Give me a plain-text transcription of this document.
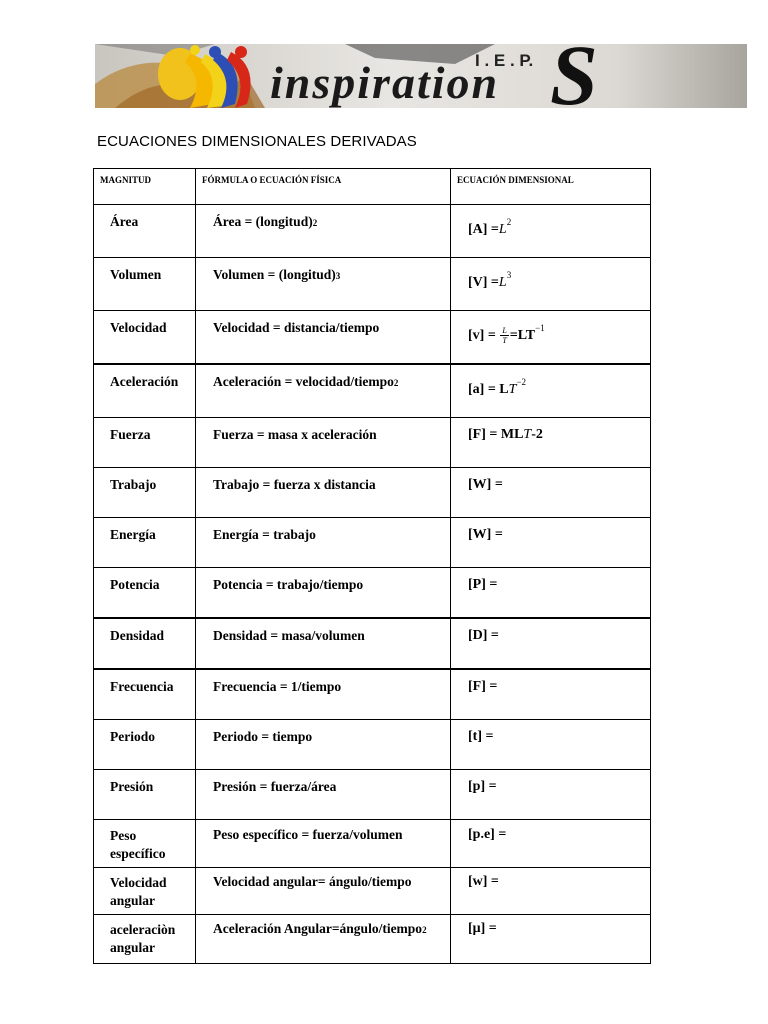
I . E . P.
inspiration S
ECUACIONES DIMENSIONALES DERIVADAS
MAGNITUD	FÓRMULA O ECUACIÓN FÍSICA	ECUACIÓN DIMENSIONAL
Área	Área = (longitud)2	$[A] =L^2$
Volumen	Volumen = (longitud)3	$[V] =L^3$
Velocidad	Velocidad = distancia/tiempo	$[v] = \frac{L}{T} =LT^{-1}$
Aceleración	Aceleración = velocidad/tiempo2	$[a] = LT^{-2}$
Fuerza	Fuerza = masa x aceleración	[F] = MLT-2
Trabajo	Trabajo = fuerza x distancia	[W] =
Energía	Energía = trabajo	[W] =
Potencia	Potencia = trabajo/tiempo	[P] =
Densidad	Densidad = masa/volumen	[D] =
Frecuencia	Frecuencia = 1/tiempo	[F] =
Periodo	Periodo = tiempo	[t] =
Presión	Presión = fuerza/área	[p] =
Peso específico	Peso específico = fuerza/volumen	[p.e] =
Velocidad angular	Velocidad angular= ángulo/tiempo	[w] =
aceleraciòn angular	Aceleración Angular=ángulo/tiempo2	[μ] =
